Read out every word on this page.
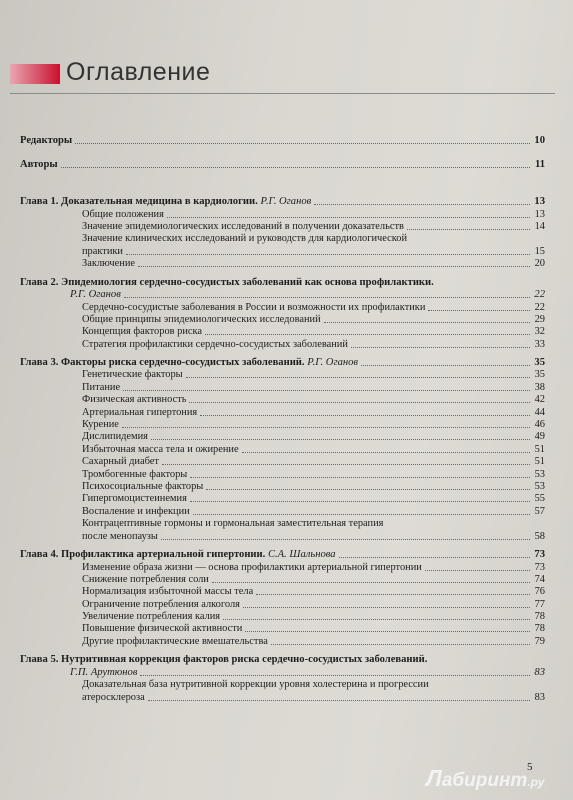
Оглавление
Редакторы	10
Авторы	11
Глава 1. Доказательная медицина в кардиологии. Р.Г. Оганов	13
Общие положения	13
Значение эпидемиологических исследований в получении доказательств	14
Значение клинических исследований и руководств для кардиологической
практики	15
Заключение	20
Глава 2. Эпидемиология сердечно-сосудистых заболеваний как основа профилактики.
Р.Г. Оганов	22
Сердечно-сосудистые заболевания в России и возможности их профилактики	22
Общие принципы эпидемиологических исследований	29
Концепция факторов риска	32
Стратегия профилактики сердечно-сосудистых заболеваний	33
Глава 3. Факторы риска сердечно-сосудистых заболеваний. Р.Г. Оганов	35
Генетические факторы	35
Питание	38
Физическая активность	42
Артериальная гипертония	44
Курение	46
Дислипидемия	49
Избыточная масса тела и ожирение	51
Сахарный диабет	51
Тромбогенные факторы	53
Психосоциальные факторы	53
Гипергомоцистеинемия	55
Воспаление и инфекции	57
Контрацептивные гормоны и гормональная заместительная терапия
после менопаузы	58
Глава 4. Профилактика артериальной гипертонии. С.А. Шальнова	73
Изменение образа жизни — основа профилактики артериальной гипертонии	73
Снижение потребления соли	74
Нормализация избыточной массы тела	76
Ограничение потребления алкоголя	77
Увеличение потребления калия	78
Повышение физической активности	78
Другие профилактические вмешательства	79
Глава 5. Нутритивная коррекция факторов риска сердечно-сосудистых заболеваний.
Г.П. Арутюнов	83
Доказательная база нутритивной коррекции уровня холестерина и прогрессии
атеросклероза	83
5
Лабиринт.ру
